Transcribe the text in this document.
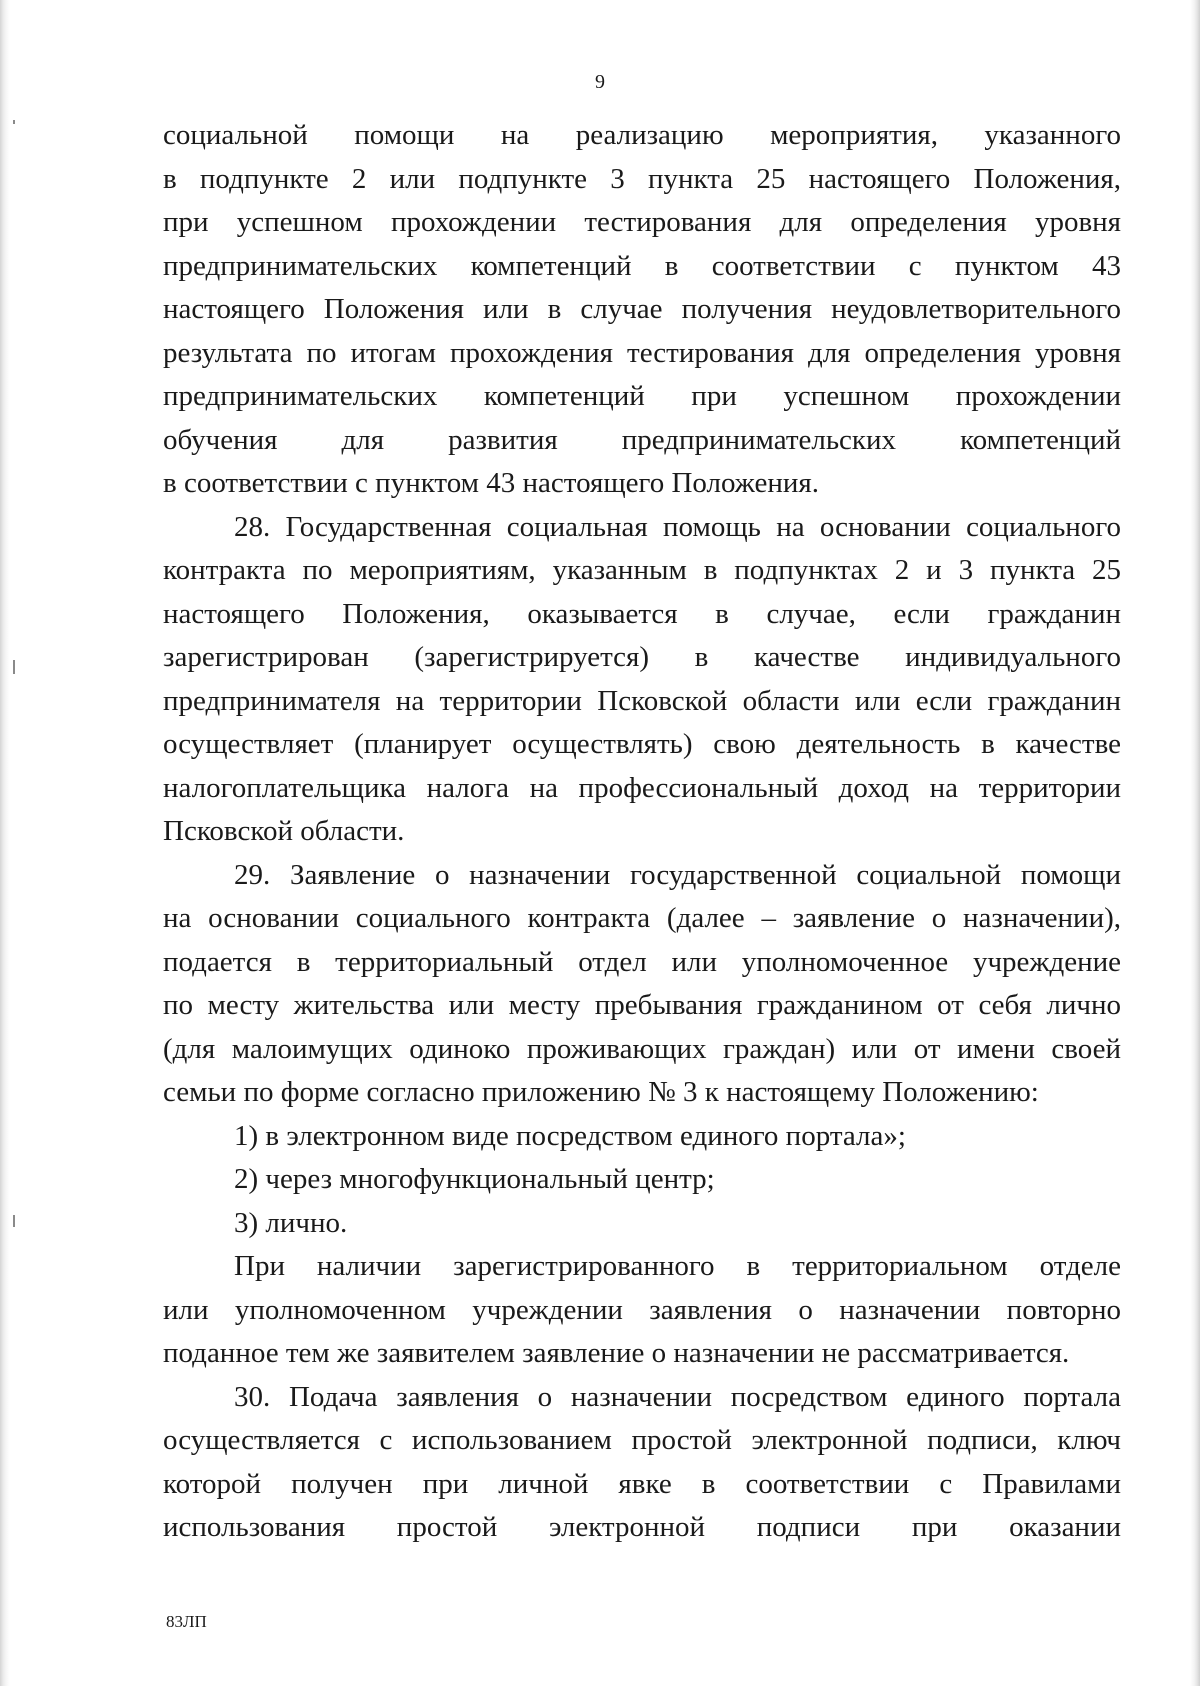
9
социальной помощи на реализацию мероприятия, указанного
в подпункте 2 или подпункте 3 пункта 25 настоящего Положения,
при успешном прохождении тестирования для определения уровня
предпринимательских компетенций в соответствии с пунктом 43
настоящего Положения или в случае получения неудовлетворительного
результата по итогам прохождения тестирования для определения уровня
предпринимательских компетенций при успешном прохождении
обучения для развития предпринимательских компетенций
в соответствии с пунктом 43 настоящего Положения.
28. Государственная социальная помощь на основании социального
контракта по мероприятиям, указанным в подпунктах 2 и 3 пункта 25
настоящего Положения, оказывается в случае, если гражданин
зарегистрирован (зарегистрируется) в качестве индивидуального
предпринимателя на территории Псковской области или если гражданин
осуществляет (планирует осуществлять) свою деятельность в качестве
налогоплательщика налога на профессиональный доход на территории
Псковской области.
29. Заявление о назначении государственной социальной помощи
на основании социального контракта (далее – заявление о назначении),
подается в территориальный отдел или уполномоченное учреждение
по месту жительства или месту пребывания гражданином от себя лично
(для малоимущих одиноко проживающих граждан) или от имени своей
семьи по форме согласно приложению № 3 к настоящему Положению:
1) в электронном виде посредством единого портала»;
2) через многофункциональный центр;
3) лично.
При наличии зарегистрированного в территориальном отделе
или уполномоченном учреждении заявления о назначении повторно
поданное тем же заявителем заявление о назначении не рассматривается.
30. Подача заявления о назначении посредством единого портала
осуществляется с использованием простой электронной подписи, ключ
которой получен при личной явке в соответствии с Правилами
использования простой электронной подписи при оказании
83ЛП
